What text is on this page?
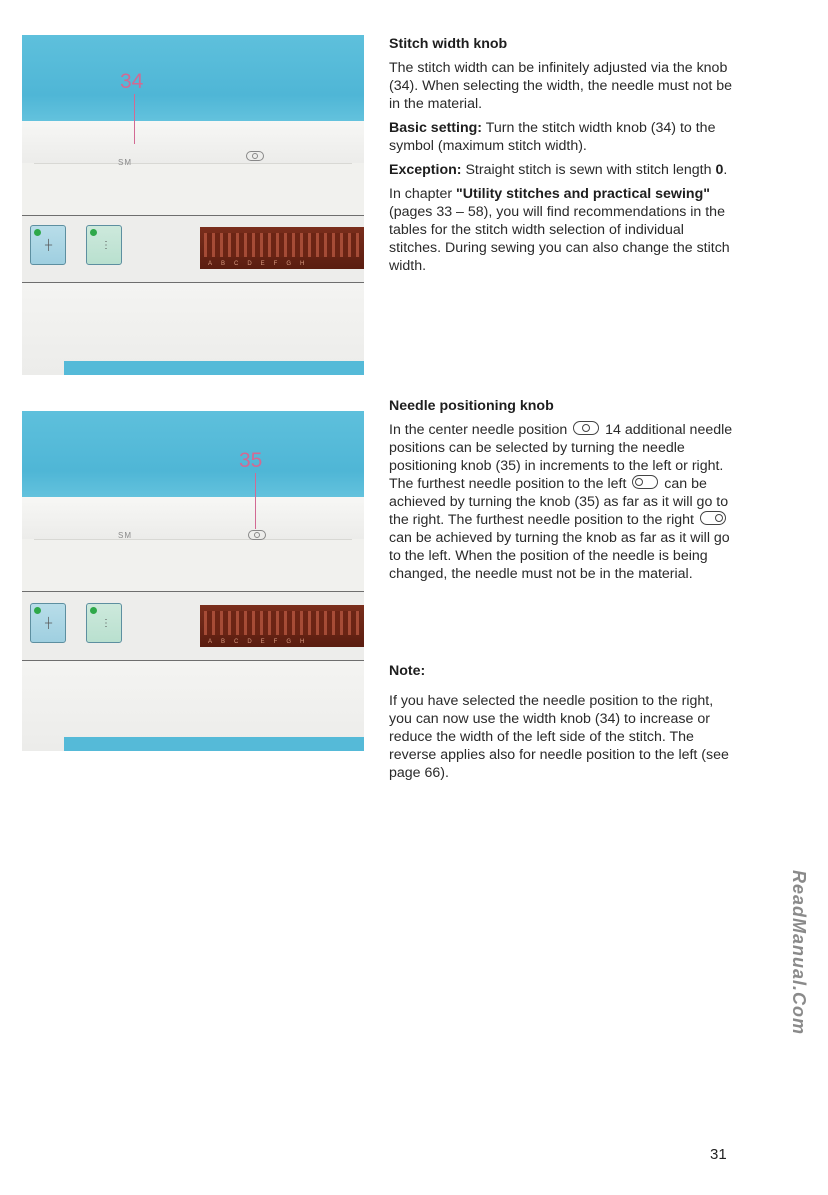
SM
┼	⋮
ABCDEFGH
34
SM
┼	⋮
ABCDEFGH
35
Stitch width knob

The stitch width can be infinitely adjusted via the knob (34). When selecting the width, the needle must not be in the material.

Basic setting: Turn the stitch width knob (34) to the symbol (maximum stitch width).

Exception: Straight stitch is sewn with stitch length 0.

In chapter "Utility stitches and practical sewing" (pages 33 – 58), you will find recommendations in the tables for the stitch width selection of individual stitches. During sewing you can also change the stitch width.

Needle positioning knob

In the center needle position
14 additional needle positions can be selected by turning the needle positioning knob (35) in increments to the left or right. The furthest needle position to the left
can be achieved by turning the knob (35) as far as it will go to the right. The furthest needle position to the right
can be achieved by turning the knob as far as it will go to the left. When the position of the needle is being changed, the needle must not be in the material.

Note:

If you have selected the needle position to the right, you can now use the width knob (34) to increase or reduce the width of the left side of the stitch. The reverse applies also for needle position to the left (see page 66).

31
ReadManual.Com
